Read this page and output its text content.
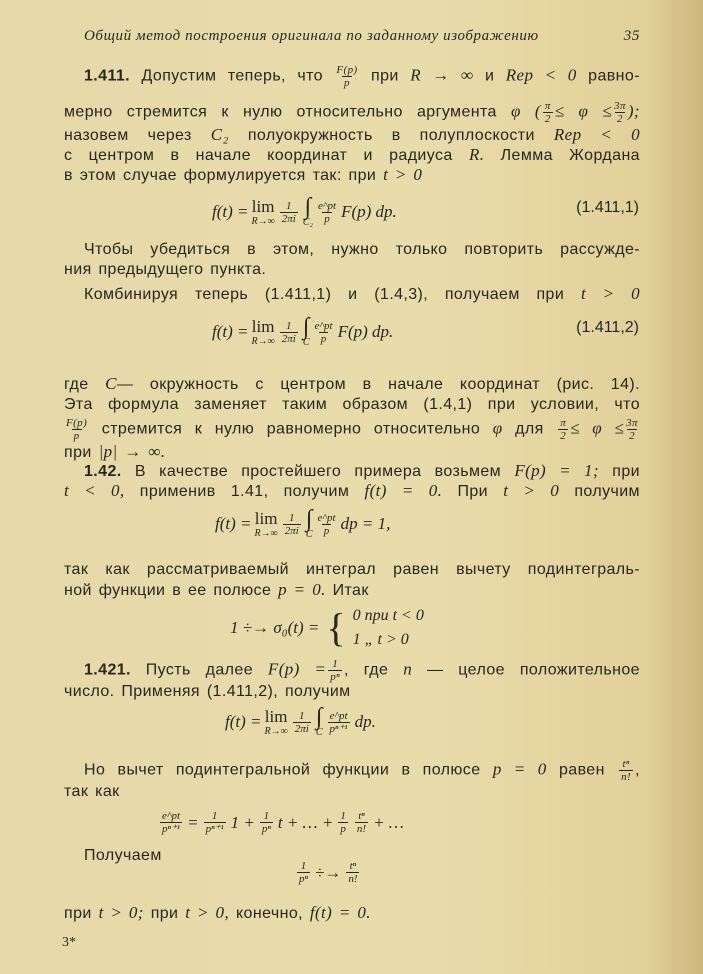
Общий метод построения оригинала по заданному изображению	35
1.411. Допустим теперь, что $\frac{F(p)}{p}$ при R → ∞ и Rep < 0 равно-
мерно стремится к нулю относительно аргумента φ ( $\frac{\pi}{2} \le \varphi \le \frac{3\pi}{2}$ );
назовем через C₂ полуокружность в полуплоскости Rep < 0
с центром в начале координат и радиуса R. Лемма Жордана
в этом случае формулируется так: при t > 0
f(t) = lim
$R\to\infty \frac{1}{2\pi i}$ ∫
$C_2 \frac{e\^{}pt}{p} F(p)$ dp.	(1.411,1)
Чтобы убедиться в этом, нужно только повторить рассужде-
ния предыдущего пункта.
Комбинируя теперь (1.411,1) и (1.4,3), получаем при t > 0
f(t) = lim
$R\to\infty \frac{1}{2\pi i}$ ∫
C $\frac{e\^{}pt}{p} F(p)$ dp.	(1.411,2)
где C— окружность с центром в начале координат (рис. 14).
Эта формула заменяет таким образом (1.4,1) при условии, что
$\frac{F(p)}{p}$ стремится к нулю равномерно относительно φ для $\frac{\pi}{2} \le \varphi \le \frac{3\pi}{2}$
при |p| → ∞.
1.42. В качестве простейшего примера возьмем F(p) = 1; при
t < 0, применив 1.41, получим f(t) = 0. При t > 0 получим
f(t) = lim
$R\to\infty \frac{1}{2\pi i}$ ∫
C $\frac{e\^{}pt}{p}$ dp = 1,
так как рассматриваемый интеграл равен вычету подинтеграль-
ной функции в ее полюсе p = 0. Итак
1 ÷→ σ₀(t) = { 0 при t < 0
1 „ t > 0
1.421. Пусть далее $F(p) = \frac{1}{\text{pⁿ}}$ , где n — целое положительное
число. Применяя (1.411,2), получим
f(t) = lim
$R\to\infty \frac{1}{2\pi i}$ ∫
C $\frac{e\^{}pt}{\text{pⁿ⁺¹}}$ dp.
Но вычет подинтегральной функции в полюсе p = 0 равен $\frac{\text{tⁿ}}{n!}$ ,
так как
$\frac{e\^{}pt}{\text{pⁿ⁺¹}} = \frac{1}{\text{pⁿ⁺¹}} 1 + \frac{1}{\text{pⁿ}}$ t + … + $\frac{1}{p} \frac{\text{tⁿ}}{n!}$ + …
Получаем
$\frac{1}{\text{pⁿ}} \div\to \frac{\text{tⁿ}}{n!}$
при t > 0; при t > 0, конечно, f(t) = 0.
3*
